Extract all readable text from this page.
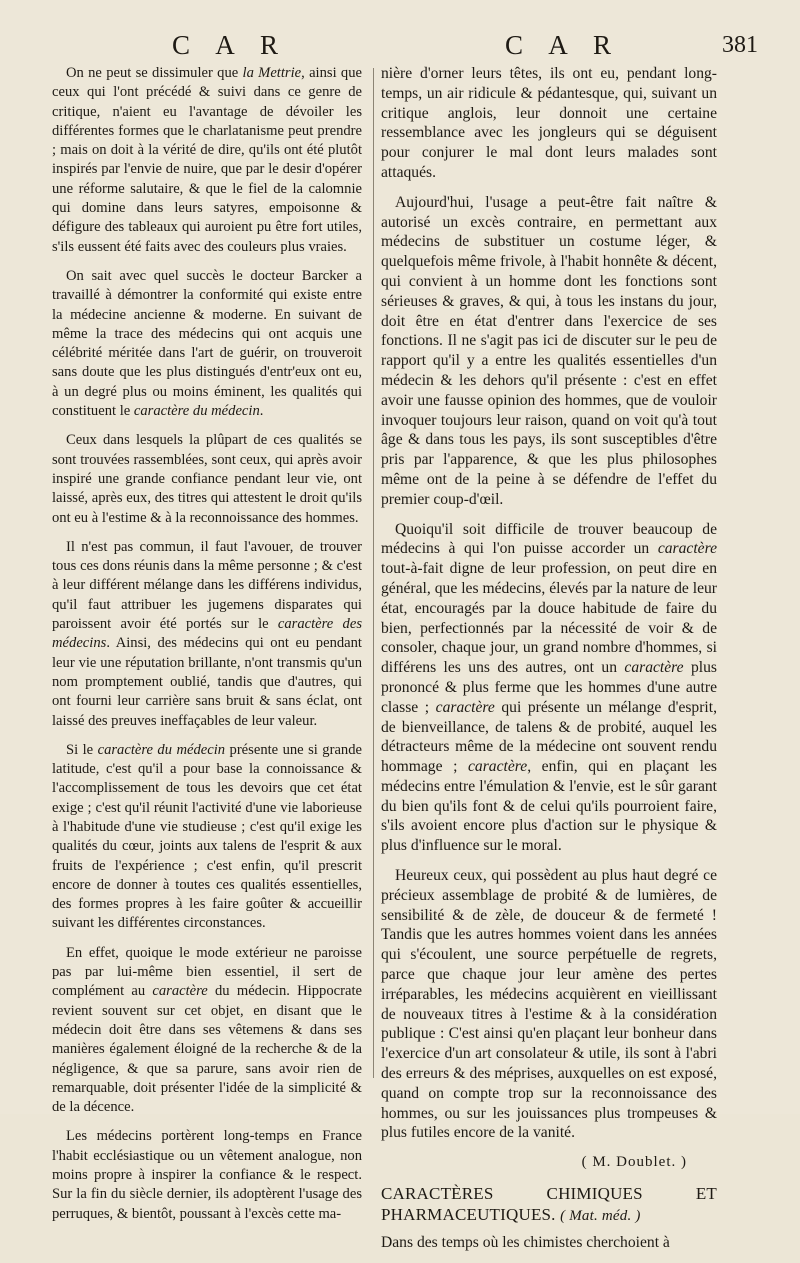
C A R	C A R	381

On ne peut se dissimuler que la Mettrie, ainsi que ceux qui l'ont précédé & suivi dans ce genre de critique, n'aient eu l'avantage de dévoiler les différentes formes que le charlatanisme peut prendre ; mais on doit à la vérité de dire, qu'ils ont été plutôt inspirés par l'envie de nuire, que par le desir d'opérer une réforme salutaire, & que le fiel de la calomnie qui domine dans leurs satyres, empoisonne & défigure des tableaux qui auroient pu être fort utiles, s'ils eussent été faits avec des couleurs plus vraies.

On sait avec quel succès le docteur Barcker a travaillé à démontrer la conformité qui existe entre la médecine ancienne & moderne. En suivant de même la trace des médecins qui ont acquis une célébrité méritée dans l'art de guérir, on trouveroit sans doute que les plus distingués d'entr'eux ont eu, à un degré plus ou moins éminent, les qualités qui constituent le caractère du médecin.

Ceux dans lesquels la plûpart de ces qualités se sont trouvées rassemblées, sont ceux, qui après avoir inspiré une grande confiance pendant leur vie, ont laissé, après eux, des titres qui attestent le droit qu'ils ont eu à l'estime & à la reconnoissance des hommes.

Il n'est pas commun, il faut l'avouer, de trouver tous ces dons réunis dans la même personne ; & c'est à leur différent mélange dans les différens individus, qu'il faut attribuer les jugemens disparates qui paroissent avoir été portés sur le caractère des médecins. Ainsi, des médecins qui ont eu pendant leur vie une réputation brillante, n'ont transmis qu'un nom promptement oublié, tandis que d'autres, qui ont fourni leur carrière sans bruit & sans éclat, ont laissé des preuves ineffaçables de leur valeur.

Si le caractère du médecin présente une si grande latitude, c'est qu'il a pour base la connoissance & l'accomplissement de tous les devoirs que cet état exige ; c'est qu'il réunit l'activité d'une vie laborieuse à l'habitude d'une vie studieuse ; c'est qu'il exige les qualités du cœur, joints aux talens de l'esprit & aux fruits de l'expérience ; c'est enfin, qu'il prescrit encore de donner à toutes ces qualités essentielles, des formes propres à les faire goûter & accueillir suivant les différentes circonstances.

En effet, quoique le mode extérieur ne paroisse pas par lui-même bien essentiel, il sert de complément au caractère du médecin. Hippocrate revient souvent sur cet objet, en disant que le médecin doit être dans ses vêtemens & dans ses manières également éloigné de la recherche & de la négligence, & que sa parure, sans avoir rien de remarquable, doit présenter l'idée de la simplicité & de la décence.

Les médecins portèrent long-temps en France l'habit ecclésiastique ou un vêtement analogue, non moins propre à inspirer la confiance & le respect. Sur la fin du siècle dernier, ils adoptèrent l'usage des perruques, & bientôt, poussant à l'excès cette ma-

nière d'orner leurs têtes, ils ont eu, pendant long-temps, un air ridicule & pédantesque, qui, suivant un critique anglois, leur donnoit une certaine ressemblance avec les jongleurs qui se déguisent pour conjurer le mal dont leurs malades sont attaqués.

Aujourd'hui, l'usage a peut-être fait naître & autorisé un excès contraire, en permettant aux médecins de substituer un costume léger, & quelquefois même frivole, à l'habit honnête & décent, qui convient à un homme dont les fonctions sont sérieuses & graves, & qui, à tous les instans du jour, doit être en état d'entrer dans l'exercice de ses fonctions. Il ne s'agit pas ici de discuter sur le peu de rapport qu'il y a entre les qualités essentielles d'un médecin & les dehors qu'il présente : c'est en effet avoir une fausse opinion des hommes, que de vouloir invoquer toujours leur raison, quand on voit qu'à tout âge & dans tous les pays, ils sont susceptibles d'être pris par l'apparence, & que les plus philosophes même ont de la peine à se défendre de l'effet du premier coup-d'œil.

Quoiqu'il soit difficile de trouver beaucoup de médecins à qui l'on puisse accorder un caractère tout-à-fait digne de leur profession, on peut dire en général, que les médecins, élevés par la nature de leur état, encouragés par la douce habitude de faire du bien, perfectionnés par la nécessité de voir & de consoler, chaque jour, un grand nombre d'hommes, si différens les uns des autres, ont un caractère plus prononcé & plus ferme que les hommes d'une autre classe ; caractère qui présente un mélange d'esprit, de bienveillance, de talens & de probité, auquel les détracteurs même de la médecine ont souvent rendu hommage ; caractère, enfin, qui en plaçant les médecins entre l'émulation & l'envie, est le sûr garant du bien qu'ils font & de celui qu'ils pourroient faire, s'ils avoient encore plus d'action sur le physique & plus d'influence sur le moral.

Heureux ceux, qui possèdent au plus haut degré ce précieux assemblage de probité & de lumières, de sensibilité & de zèle, de douceur & de fermeté ! Tandis que les autres hommes voient dans les années qui s'écoulent, une source perpétuelle de regrets, parce que chaque jour leur amène des pertes irréparables, les médecins acquièrent en vieillissant de nouveaux titres à l'estime & à la considération publique : C'est ainsi qu'en plaçant leur bonheur dans l'exercice d'un art consolateur & utile, ils sont à l'abri des erreurs & des méprises, auxquelles on est exposé, quand on compte trop sur la reconnoissance des hommes, ou sur les jouissances plus trompeuses & plus futiles encore de la vanité.

( M. Doublet. )
CARACTÈRES CHIMIQUES ET PHARMACEUTIQUES. ( Mat. méd. )

Dans des temps où les chimistes cherchoient à
